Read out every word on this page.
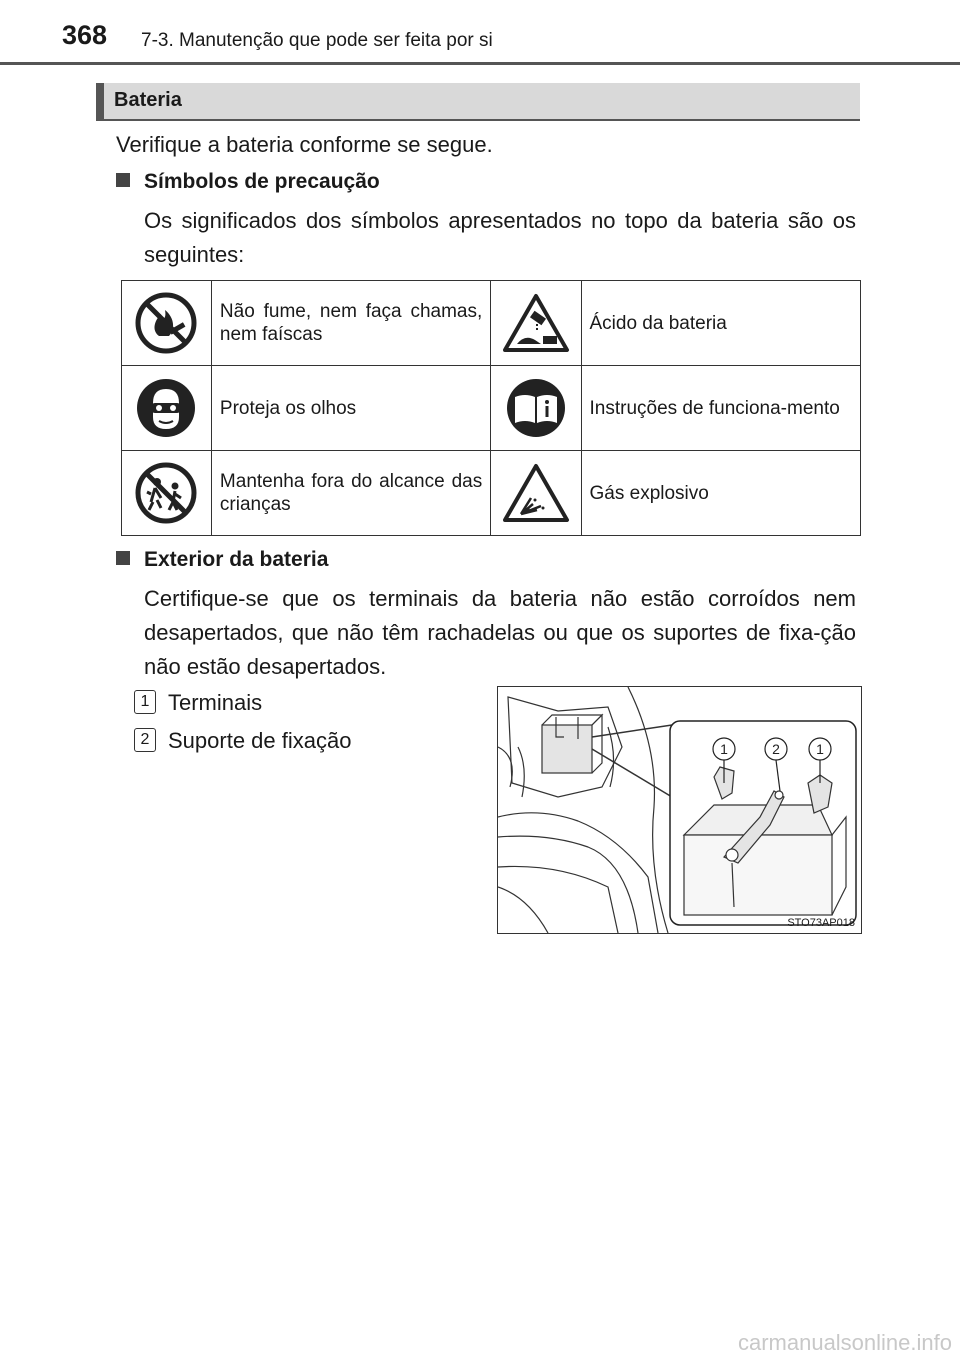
368 7-3. Manutenção que pode ser feita por si
Bateria
Verifique a bateria conforme se segue.
Símbolos de precaução
Os significados dos símbolos apresentados no topo da bateria são os seguintes:
	Não fume, nem faça chamas, nem faíscas		Ácido da bateria

	Proteja os olhos		Instruções de funciona-mento

	Mantenha fora do alcance das crianças		Gás explosivo
Exterior da bateria
Certifique-se que os terminais da bateria não estão corroídos nem desapertados, que não têm rachadelas ou que os suportes de fixa-ção não estão desapertados.
1 Terminais
2 Suporte de fixação	1	2	1
STO73AP018
carmanualsonline.info
